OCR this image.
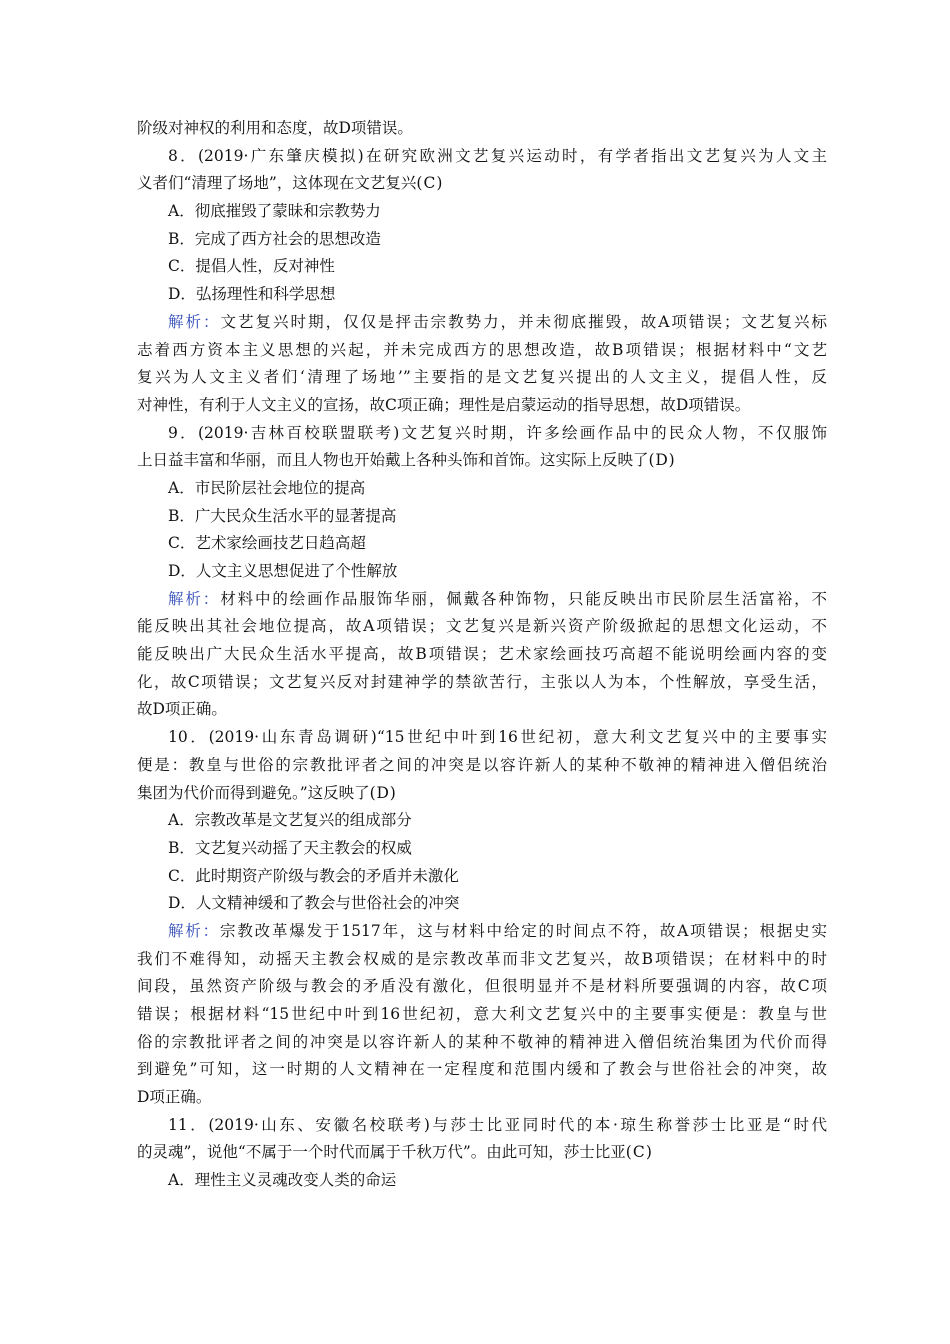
阶级对神权的利用和态度，故D项错误。
8．(2019·广东肇庆模拟)在研究欧洲文艺复兴运动时，有学者指出文艺复兴为人文主
义者们“清理了场地”，这体现在文艺复兴(C)
A．彻底摧毁了蒙昧和宗教势力
B．完成了西方社会的思想改造
C．提倡人性，反对神性
D．弘扬理性和科学思想
解析：文艺复兴时期，仅仅是抨击宗教势力，并未彻底摧毁，故A项错误；文艺复兴标
志着西方资本主义思想的兴起，并未完成西方的思想改造，故B项错误；根据材料中“文艺
复兴为人文主义者们‘清理了场地’”主要指的是文艺复兴提出的人文主义，提倡人性，反
对神性，有利于人文主义的宣扬，故C项正确；理性是启蒙运动的指导思想，故D项错误。
9．(2019·吉林百校联盟联考)文艺复兴时期，许多绘画作品中的民众人物，不仅服饰
上日益丰富和华丽，而且人物也开始戴上各种头饰和首饰。这实际上反映了(D)
A．市民阶层社会地位的提高
B．广大民众生活水平的显著提高
C．艺术家绘画技艺日趋高超
D．人文主义思想促进了个性解放
解析：材料中的绘画作品服饰华丽，佩戴各种饰物，只能反映出市民阶层生活富裕，不
能反映出其社会地位提高，故A项错误；文艺复兴是新兴资产阶级掀起的思想文化运动，不
能反映出广大民众生活水平提高，故B项错误；艺术家绘画技巧高超不能说明绘画内容的变
化，故C项错误；文艺复兴反对封建神学的禁欲苦行，主张以人为本，个性解放，享受生活，
故D项正确。
10．(2019·山东青岛调研)“15世纪中叶到16世纪初，意大利文艺复兴中的主要事实
便是：教皇与世俗的宗教批评者之间的冲突是以容许新人的某种不敬神的精神进入僧侣统治
集团为代价而得到避免。”这反映了(D)
A．宗教改革是文艺复兴的组成部分
B．文艺复兴动摇了天主教会的权威
C．此时期资产阶级与教会的矛盾并未激化
D．人文精神缓和了教会与世俗社会的冲突
解析：宗教改革爆发于1517年，这与材料中给定的时间点不符，故A项错误；根据史实
我们不难得知，动摇天主教会权威的是宗教改革而非文艺复兴，故B项错误；在材料中的时
间段，虽然资产阶级与教会的矛盾没有激化，但很明显并不是材料所要强调的内容，故C项
错误；根据材料“15世纪中叶到16世纪初，意大利文艺复兴中的主要事实便是：教皇与世
俗的宗教批评者之间的冲突是以容许新人的某种不敬神的精神进入僧侣统治集团为代价而得
到避免”可知，这一时期的人文精神在一定程度和范围内缓和了教会与世俗社会的冲突，故
D项正确。
11．(2019·山东、安徽名校联考)与莎士比亚同时代的本·琼生称誉莎士比亚是“时代
的灵魂”，说他“不属于一个时代而属于千秋万代”。由此可知，莎士比亚(C)
A．理性主义灵魂改变人类的命运
